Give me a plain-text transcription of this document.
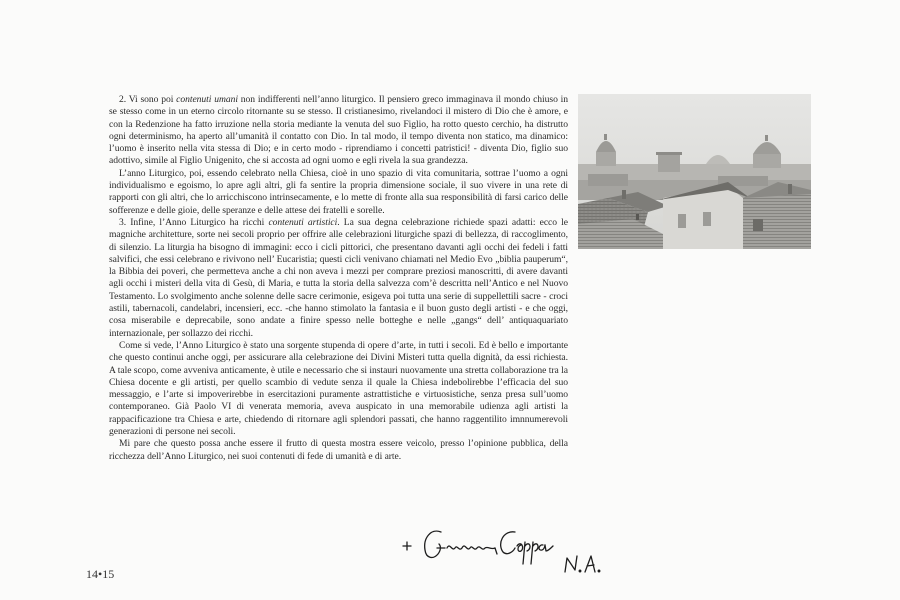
2. Vi sono poi contenuti umani non indifferenti nell’anno liturgico. Il pensiero greco immaginava il mondo chiuso in se stesso come in un eterno circolo ritornante su se stesso. Il cristianesimo, rivelandoci il mistero di Dio che è amore, e con la Redenzione ha fatto irruzione nella storia mediante la venuta del suo Figlio, ha rotto questo cerchio, ha distrutto ogni determinismo, ha aperto all’umanità il contatto con Dio. In tal modo, il tempo diventa non statico, ma dinamico: l’uomo è inserito nella vita stessa di Dio; e in certo modo - riprendiamo i concetti patristici! - diventa Dio, figlio suo adottivo, simile al Figlio Unigenito, che si accosta ad ogni uomo e egli rivela la sua grandezza.

L’anno Liturgico, poi, essendo celebrato nella Chiesa, cioè in uno spazio di vita comunitaria, sottrae l’uomo a ogni individualismo e egoismo, lo apre agli altri, gli fa sentire la propria dimensione sociale, il suo vivere in una rete di rapporti con gli altri, che lo arricchiscono intrinsecamente, e lo mette di fronte alla sua responsibilità di farsi carico delle sofferenze e delle gioie, delle speranze e delle attese dei fratelli e sorelle.

3. Infine, l’Anno Liturgico ha ricchi contenuti artistici. La sua degna celebrazione richiede spazi adatti: ecco le magniche architetture, sorte nei secoli proprio per offrire alle celebrazioni liturgiche spazi di bellezza, di raccoglimento, di silenzio. La liturgia ha bisogno di immagini: ecco i cicli pittorici, che presentano davanti agli occhi dei fedeli i fatti salvifici, che essi celebrano e rivivono nell’ Eucaristia; questi cicli venivano chiamati nel Medio Evo „biblia pauperum“, la Bibbia dei poveri, che permetteva anche a chi non aveva i mezzi per comprare preziosi manoscritti, di avere davanti agli occhi i misteri della vita di Gesù, di Maria, e tutta la storia della salvezza com’è descritta nell’Antico e nel Nuovo Testamento. Lo svolgimento anche solenne delle sacre cerimonie, esigeva poi tutta una serie di suppellettili sacre - croci astili, tabernacoli, candelabri, incensieri, ecc. -che hanno stimolato la fantasia e il buon gusto degli artisti - e che oggi, cosa miserabile e deprecabile, sono andate a finire spesso nelle botteghe e nelle „gangs“ dell’ antiquaquariato internazionale, per sollazzo dei ricchi.

Come si vede, l’Anno Liturgico è stato una sorgente stupenda di opere d’arte, in tutti i secoli. Ed è bello e importante che questo continui anche oggi, per assicurare alla celebrazione dei Divini Misteri tutta quella dignità, da essi richiesta. A tale scopo, come avveniva anticamente, è utile e necessario che si instauri nuovamente una stretta collaborazione tra la Chiesa docente e gli artisti, per quello scambio di vedute senza il quale la Chiesa indebolirebbe l’efficacia del suo messaggio, e l’arte si impoverirebbe in esercitazioni puramente astrattistiche e virtuosistiche, senza presa sull’uomo contemporaneo. Già Paolo VI di venerata memoria, aveva auspicato in una memorabile udienza agli artisti la rappacificazione tra Chiesa e arte, chiedendo di ritornare agli splendori passati, che hanno raggentilito imnnumerevoli generazioni di persone nei secoli.

Mi pare che questo possa anche essere il frutto di questa mostra essere veicolo, presso l’opinione pubblica, della ricchezza dell’Anno Liturgico, nei suoi contenuti di fede di umanità e di arte.

14•15
